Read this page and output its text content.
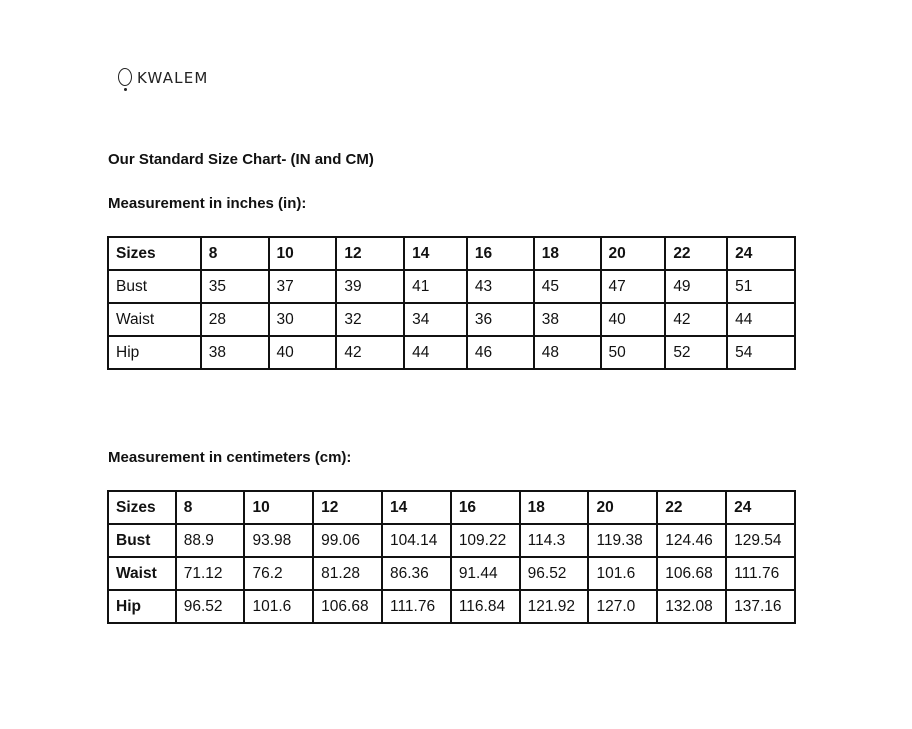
KWALEM
Our Standard Size Chart- (IN and CM)
Measurement in inches (in):
Sizes	8	10	12	14	16	18	20	22	24
Bust	35	37	39	41	43	45	47	49	51
Waist	28	30	32	34	36	38	40	42	44
Hip	38	40	42	44	46	48	50	52	54
Measurement in centimeters (cm):
Sizes	8	10	12	14	16	18	20	22	24
Bust	88.9	93.98	99.06	104.14	109.22	114.3	119.38	124.46	129.54
Waist	71.12	76.2	81.28	86.36	91.44	96.52	101.6	106.68	111.76
Hip	96.52	101.6	106.68	111.76	116.84	121.92	127.0	132.08	137.16
